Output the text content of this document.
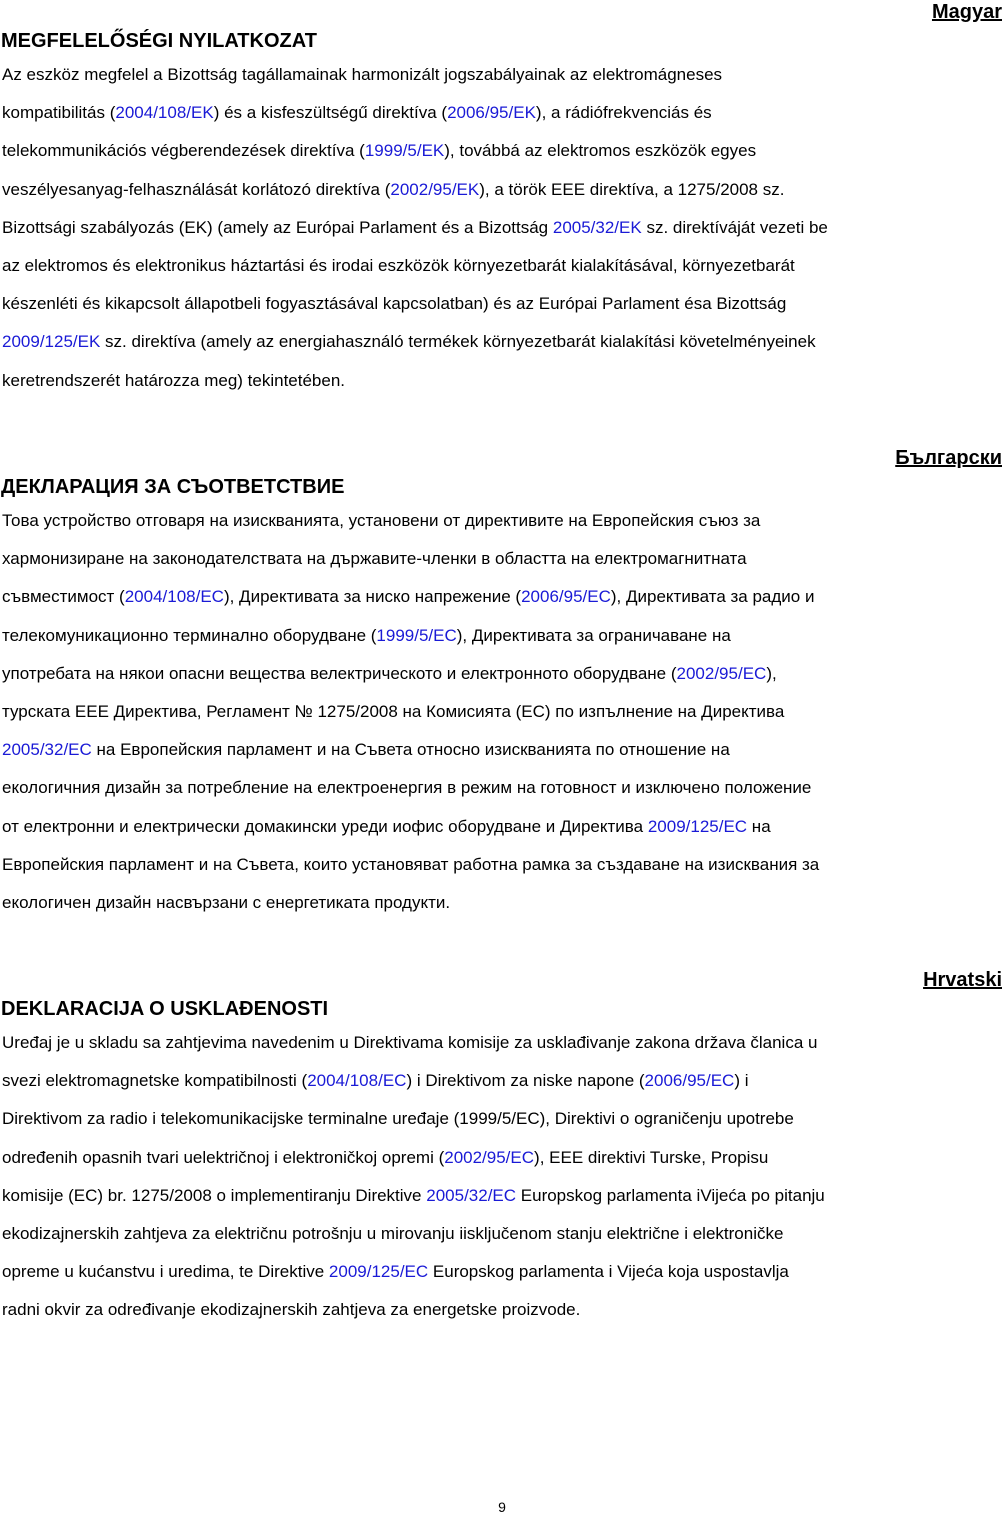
Magyar
MEGFELELŐSÉGI NYILATKOZAT
Az eszköz megfelel a Bizottság tagállamainak harmonizált jogszabályainak az elektromágneses
kompatibilitás (2004/108/EK) és a kisfeszültségű direktíva (2006/95/EK), a rádiófrekvenciás és
telekommunikációs végberendezések direktíva (1999/5/EK), továbbá az elektromos eszközök egyes
veszélyesanyag-felhasználását korlátozó direktíva (2002/95/EK), a török EEE direktíva, a 1275/2008 sz.
Bizottsági szabályozás (EK) (amely az Európai Parlament és a Bizottság 2005/32/EK sz. direktíváját vezeti be
az elektromos és elektronikus háztartási és irodai eszközök környezetbarát kialakításával, környezetbarát
készenléti és kikapcsolt állapotbeli fogyasztásával kapcsolatban) és az Európai Parlament ésa Bizottság
2009/125/EK sz. direktíva (amely az energiahasználó termékek környezetbarát kialakítási követelményeinek
keretrendszerét határozza meg) tekintetében.
Български
ДЕКЛАРАЦИЯ ЗА СЪОТВЕТСТВИЕ
Това устройство отговаря на изискванията, установени от директивите на Европейския съюз за
хармонизиране на законодателствата на държавите-членки в областта на електромагнитната
съвместимост (2004/108/ЕС), Директивата за ниско напрежение (2006/95/ЕС), Директивата за радио и
телекомуникационно терминално оборудване (1999/5/ЕС), Директивата за ограничаване на
употребата на някои опасни вещества велектрическото и електронното оборудване (2002/95/ЕС),
турската EEE Директива, Регламент № 1275/2008 на Комисията (ЕС) по изпълнение на Директива
2005/32/ЕС на Европейския парламент и на Съвета относно изискванията по отношение на
екологичния дизайн за потребление на електроенергия в режим на готовност и изключено положение
от електронни и електрически домакински уреди иофис оборудване и Директива 2009/125/ЕС на
Европейския парламент и на Съвета, които установяват работна рамка за създаване на изисквания за
екологичен дизайн насвързани с енергетиката продукти.
Hrvatski
DEKLARACIJA O USKLAĐENOSTI
Uređaj je u skladu sa zahtjevima navedenim u Direktivama komisije za usklađivanje zakona država članica u
svezi elektromagnetske kompatibilnosti (2004/108/EC) i Direktivom za niske napone (2006/95/EC) i
Direktivom za radio i telekomunikacijske terminalne uređaje (1999/5/EC), Direktivi o ograničenju upotrebe
određenih opasnih tvari uelektričnoj i elektroničkoj opremi (2002/95/EC), EEE direktivi Turske, Propisu
komisije (EC) br. 1275/2008 o implementiranju Direktive 2005/32/EC Europskog parlamenta iVijeća po pitanju
ekodizajnerskih zahtjeva za električnu potrošnju u mirovanju iisključenom stanju električne i elektroničke
opreme u kućanstvu i uredima, te Direktive 2009/125/EC Europskog parlamenta i Vijeća koja uspostavlja
radni okvir za određivanje ekodizajnerskih zahtjeva za energetske proizvode.
9
